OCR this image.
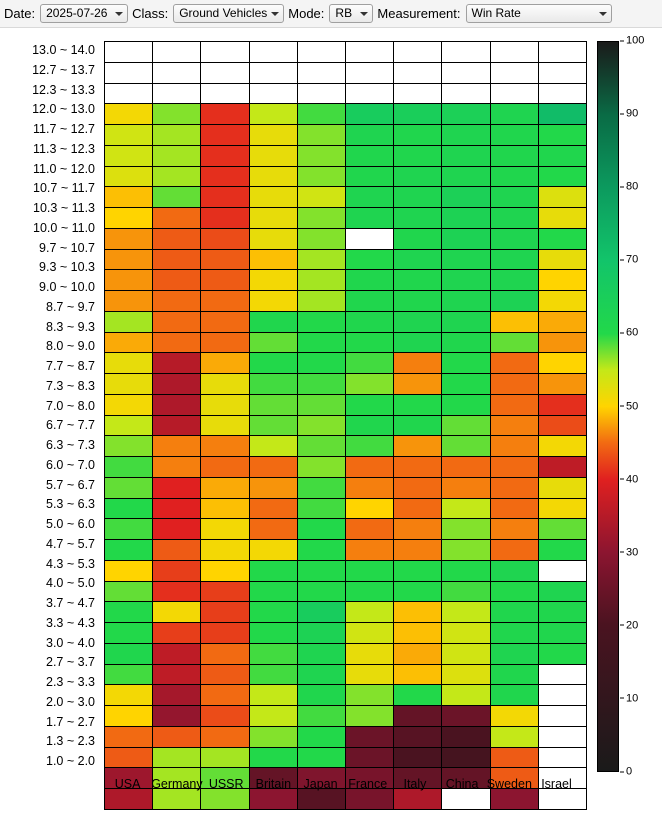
Date: 2025-07-26 Class: Ground Vehicles Mode: RB Measurement: Win Rate
13.0 ~ 14.0
12.7 ~ 13.7
12.3 ~ 13.3
12.0 ~ 13.0
11.7 ~ 12.7
11.3 ~ 12.3
11.0 ~ 12.0
10.7 ~ 11.7
10.3 ~ 11.3
10.0 ~ 11.0
9.7 ~ 10.7
9.3 ~ 10.3
9.0 ~ 10.0
8.7 ~ 9.7
8.3 ~ 9.3
8.0 ~ 9.0
7.7 ~ 8.7
7.3 ~ 8.3
7.0 ~ 8.0
6.7 ~ 7.7
6.3 ~ 7.3
6.0 ~ 7.0
5.7 ~ 6.7
5.3 ~ 6.3
5.0 ~ 6.0
4.7 ~ 5.7
4.3 ~ 5.3
4.0 ~ 5.0
3.7 ~ 4.7
3.3 ~ 4.3
3.0 ~ 4.0
2.7 ~ 3.7
2.3 ~ 3.3
2.0 ~ 3.0
1.7 ~ 2.7
1.3 ~ 2.3
1.0 ~ 2.0

USA Germany USSR Britain Japan France	Italy	China Sweden Israel
0
10
20
30
40
50
60
70
80
90
100
